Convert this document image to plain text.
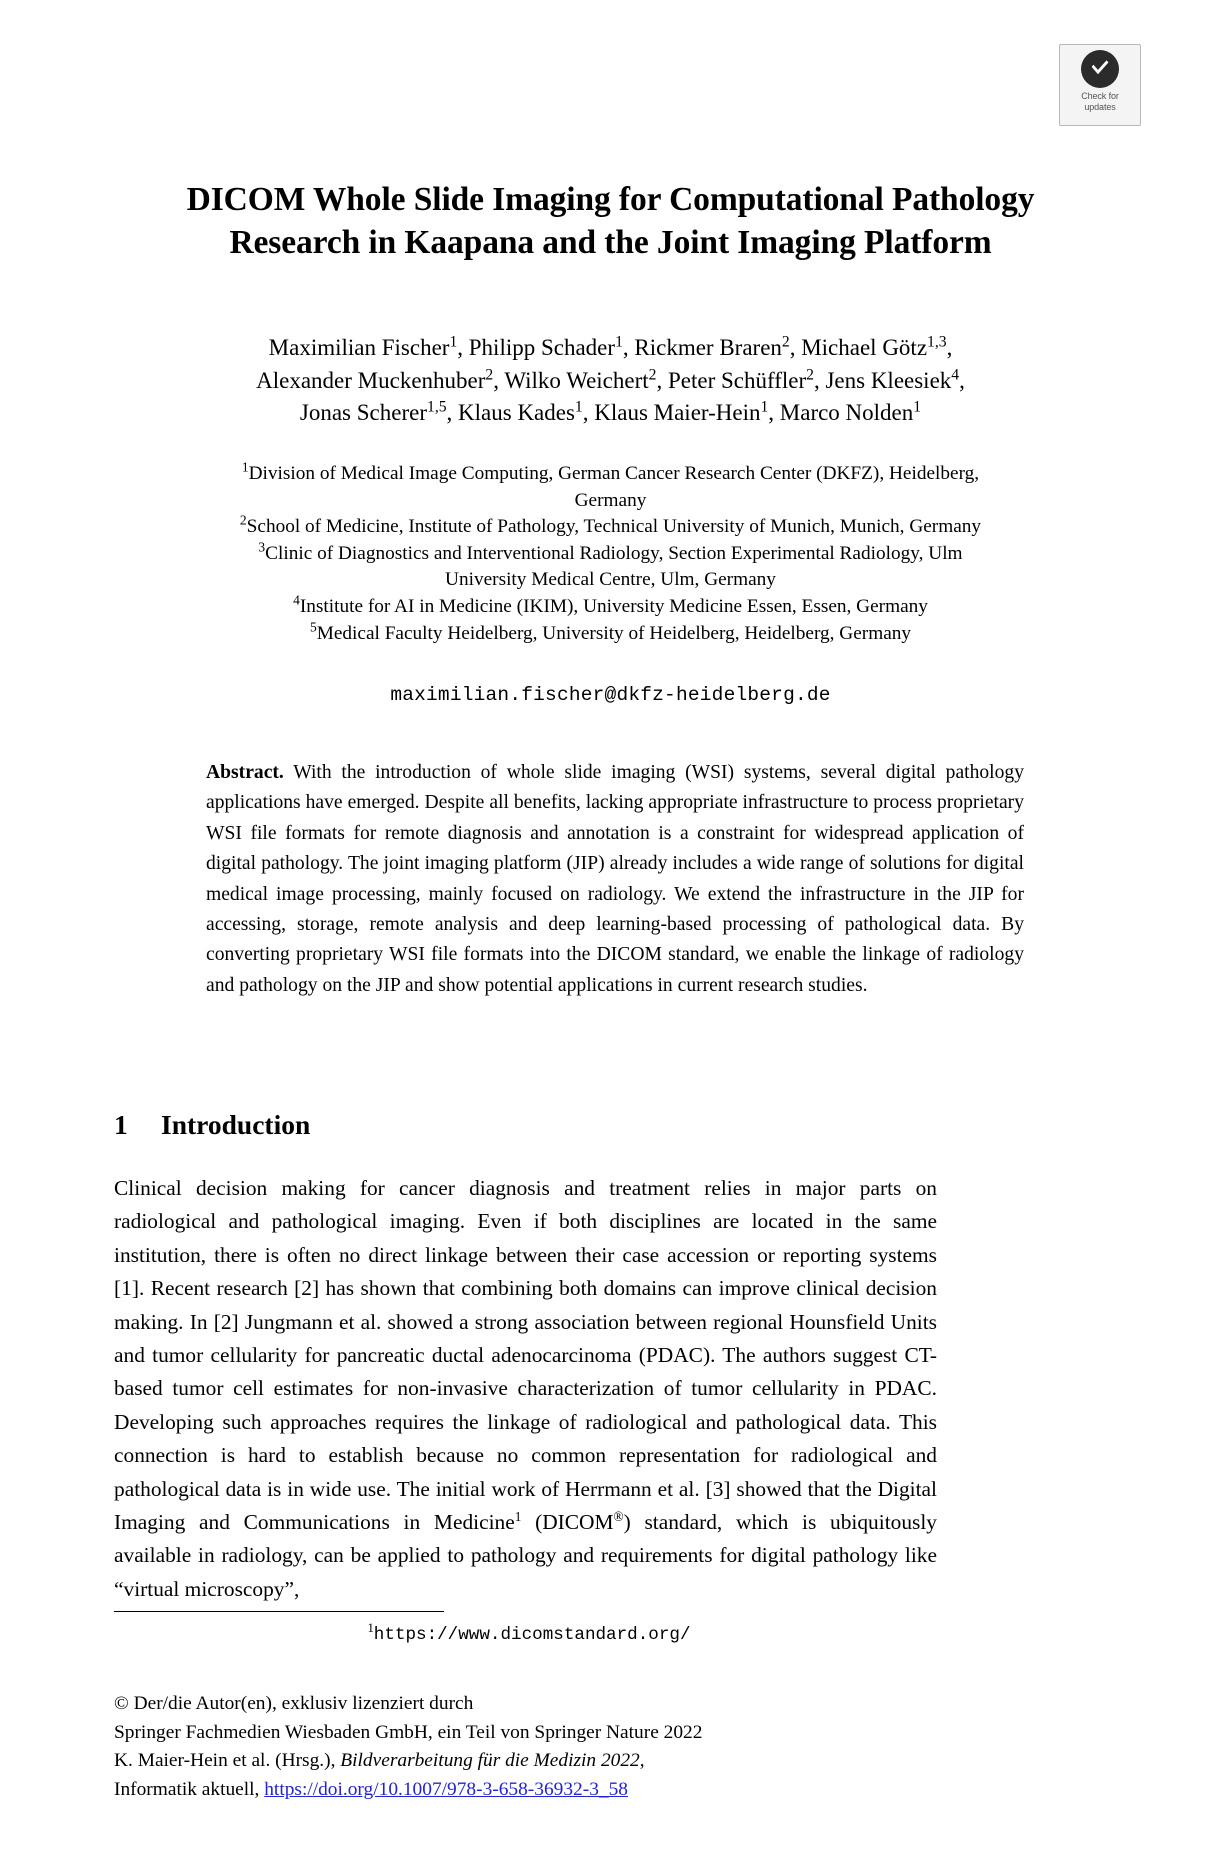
Check for
updates
DICOM Whole Slide Imaging for Computational Pathology Research in Kaapana and the Joint Imaging Platform
Maximilian Fischer$^1$, Philipp Schader$^1$, Rickmer Braren$^2$, Michael Götz$^{1,3}$,
Alexander Muckenhuber$^2$, Wilko Weichert$^2$, Peter Schüffler$^2$, Jens Kleesiek$^4$,
Jonas Scherer$^{1,5}$, Klaus Kades$^1$, Klaus Maier-Hein$^1$, Marco Nolden$^1$
$^1$Division of Medical Image Computing, German Cancer Research Center (DKFZ), Heidelberg,
Germany
$^2$School of Medicine, Institute of Pathology, Technical University of Munich, Munich, Germany
$^3$Clinic of Diagnostics and Interventional Radiology, Section Experimental Radiology, Ulm
University Medical Centre, Ulm, Germany
$^4$Institute for AI in Medicine (IKIM), University Medicine Essen, Essen, Germany
$^5$Medical Faculty Heidelberg, University of Heidelberg, Heidelberg, Germany
maximilian.fischer@dkfz-heidelberg.de
Abstract. With the introduction of whole slide imaging (WSI) systems, several digital pathology applications have emerged. Despite all benefits, lacking appropriate infrastructure to process proprietary WSI file formats for remote diagnosis and annotation is a constraint for widespread application of digital pathology. The joint imaging platform (JIP) already includes a wide range of solutions for digital medical image processing, mainly focused on radiology. We extend the infrastructure in the JIP for accessing, storage, remote analysis and deep learning-based processing of pathological data. By converting proprietary WSI file formats into the DICOM standard, we enable the linkage of radiology and pathology on the JIP and show potential applications in current research studies.
1 Introduction
Clinical decision making for cancer diagnosis and treatment relies in major parts on radiological and pathological imaging. Even if both disciplines are located in the same institution, there is often no direct linkage between their case accession or reporting systems [1]. Recent research [2] has shown that combining both domains can improve clinical decision making. In [2] Jungmann et al. showed a strong association between regional Hounsfield Units and tumor cellularity for pancreatic ductal adenocarcinoma (PDAC). The authors suggest CT-based tumor cell estimates for non-invasive characterization of tumor cellularity in PDAC. Developing such approaches requires the linkage of radiological and pathological data. This connection is hard to establish because no common representation for radiological and pathological data is in wide use. The initial work of Herrmann et al. [3] showed that the Digital Imaging and Communications in Medicine$^1$ (DICOM®) standard, which is ubiquitously available in radiology, can be applied to pathology and requirements for digital pathology like “virtual microscopy”,
$^1$https://www.dicomstandard.org/
© Der/die Autor(en), exklusiv lizenziert durch
Springer Fachmedien Wiesbaden GmbH, ein Teil von Springer Nature 2022
K. Maier-Hein et al. (Hrsg.), Bildverarbeitung für die Medizin 2022,
Informatik aktuell, https://doi.org/10.1007/978-3-658-36932-3_58
